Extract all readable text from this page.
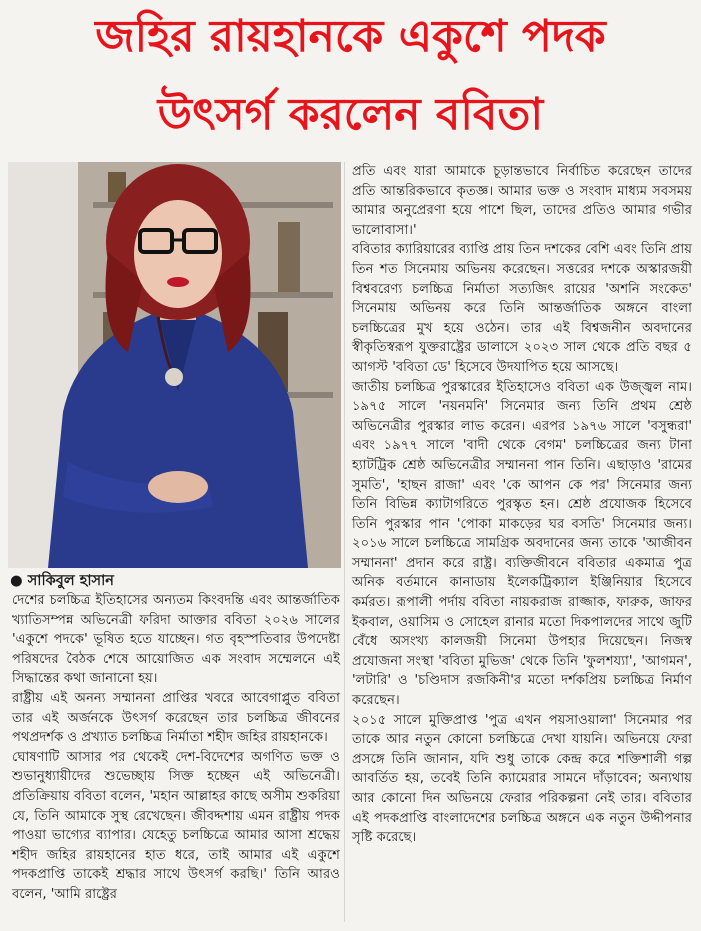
জহির রায়হানকে একুশে পদক
উৎসর্গ করলেন ববিতা
● সাকিবুল হাসান

দেশের চলচ্চিত্র ইতিহাসের অন্যতম কিংবদন্তি এবং আন্তর্জাতিক খ্যাতিসম্পন্ন অভিনেত্রী ফরিদা আক্তার ববিতা ২০২৬ সালের 'একুশে পদকে' ভূষিত হতে যাচ্ছেন। গত বৃহস্পতিবার উপদেষ্টা পরিষদের বৈঠক শেষে আয়োজিত এক সংবাদ সম্মেলনে এই সিদ্ধান্তের কথা জানানো হয়।

রাষ্ট্রীয় এই অনন্য সম্মাননা প্রাপ্তির খবরে আবেগাপ্লুত ববিতা তার এই অর্জনকে উৎসর্গ করেছেন তার চলচ্চিত্র জীবনের পথপ্রদর্শক ও প্রখ্যাত চলচ্চিত্র নির্মাতা শহীদ জহির রায়হানকে।

ঘোষণাটি আসার পর থেকেই দেশ-বিদেশের অগণিত ভক্ত ও শুভানুধ্যায়ীদের শুভেচ্ছায় সিক্ত হচ্ছেন এই অভিনেত্রী। প্রতিক্রিয়ায় ববিতা বলেন, 'মহান আল্লাহর কাছে অসীম শুকরিয়া যে, তিনি আমাকে সুস্থ রেখেছেন। জীবদ্দশায় এমন রাষ্ট্রীয় পদক পাওয়া ভাগ্যের ব্যাপার। যেহেতু চলচ্চিত্রে আমার আসা শ্রদ্ধেয় শহীদ জহির রায়হানের হাত ধরে, তাই আমার এই একুশে পদকপ্রাপ্তি তাকেই শ্রদ্ধার সাথে উৎসর্গ করছি।' তিনি আরও বলেন, 'আমি রাষ্ট্রের

প্রতি এবং যারা আমাকে চূড়ান্তভাবে নির্বাচিত করেছেন তাদের প্রতি আন্তরিকভাবে কৃতজ্ঞ। আমার ভক্ত ও সংবাদ মাধ্যম সবসময় আমার অনুপ্রেরণা হয়ে পাশে ছিল, তাদের প্রতিও আমার গভীর ভালোবাসা।'

ববিতার ক্যারিয়ারের ব্যাপ্তি প্রায় তিন দশকের বেশি এবং তিনি প্রায় তিন শত সিনেমায় অভিনয় করেছেন। সত্তরের দশকে অস্কারজয়ী বিশ্ববরেণ্য চলচ্চিত্র নির্মাতা সত্যজিৎ রায়ের 'অশনি সংকেত' সিনেমায় অভিনয় করে তিনি আন্তর্জাতিক অঙ্গনে বাংলা চলচ্চিত্রের মুখ হয়ে ওঠেন। তার এই বিশ্বজনীন অবদানের স্বীকৃতিস্বরূপ যুক্তরাষ্ট্রের ডালাসে ২০২৩ সাল থেকে প্রতি বছর ৫ আগস্ট 'ববিতা ডে' হিসেবে উদযাপিত হয়ে আসছে।

জাতীয় চলচ্চিত্র পুরস্কারের ইতিহাসেও ববিতা এক উজ্জ্বল নাম। ১৯৭৫ সালে 'নয়নমনি' সিনেমার জন্য তিনি প্রথম শ্রেষ্ঠ অভিনেত্রীর পুরস্কার লাভ করেন। এরপর ১৯৭৬ সালে 'বসুন্ধরা' এবং ১৯৭৭ সালে 'বাদী থেকে বেগম' চলচ্চিত্রের জন্য টানা হ্যাটট্রিক শ্রেষ্ঠ অভিনেত্রীর সম্মাননা পান তিনি। এছাড়াও 'রামের সুমতি', 'হাছন রাজা' এবং 'কে আপন কে পর' সিনেমার জন্য তিনি বিভিন্ন ক্যাটাগরিতে পুরস্কৃত হন। শ্রেষ্ঠ প্রযোজক হিসেবে তিনি পুরস্কার পান 'পোকা মাকড়ের ঘর বসতি' সিনেমার জন্য। ২০১৬ সালে চলচ্চিত্রে সামগ্রিক অবদানের জন্য তাকে 'আজীবন সম্মাননা' প্রদান করে রাষ্ট্র। ব্যক্তিজীবনে ববিতার একমাত্র পুত্র অনিক বর্তমানে কানাডায় ইলেকট্রিক্যাল ইঞ্জিনিয়ার হিসেবে কর্মরত। রূপালী পর্দায় ববিতা নায়করাজ রাজ্জাক, ফারুক, জাফর ইকবাল, ওয়াসিম ও সোহেল রানার মতো দিকপালদের সাথে জুটি বেঁধে অসংখ্য কালজয়ী সিনেমা উপহার দিয়েছেন। নিজস্ব প্রযোজনা সংস্থা 'ববিতা মুভিজ' থেকে তিনি 'ফুলশয্যা', 'আগমন', 'লটারি' ও 'চণ্ডিদাস রজকিনী'র মতো দর্শকপ্রিয় চলচ্চিত্র নির্মাণ করেছেন।

২০১৫ সালে মুক্তিপ্রাপ্ত 'পুত্র এখন পয়সাওয়ালা' সিনেমার পর তাকে আর নতুন কোনো চলচ্চিত্রে দেখা যায়নি। অভিনয়ে ফেরা প্রসঙ্গে তিনি জানান, যদি শুধু তাকে কেন্দ্র করে শক্তিশালী গল্প আবর্তিত হয়, তবেই তিনি ক্যামেরার সামনে দাঁড়াবেন; অন্যথায় আর কোনো দিন অভিনয়ে ফেরার পরিকল্পনা নেই তার। ববিতার এই পদকপ্রাপ্তি বাংলাদেশের চলচ্চিত্র অঙ্গনে এক নতুন উদ্দীপনার সৃষ্টি করেছে।
